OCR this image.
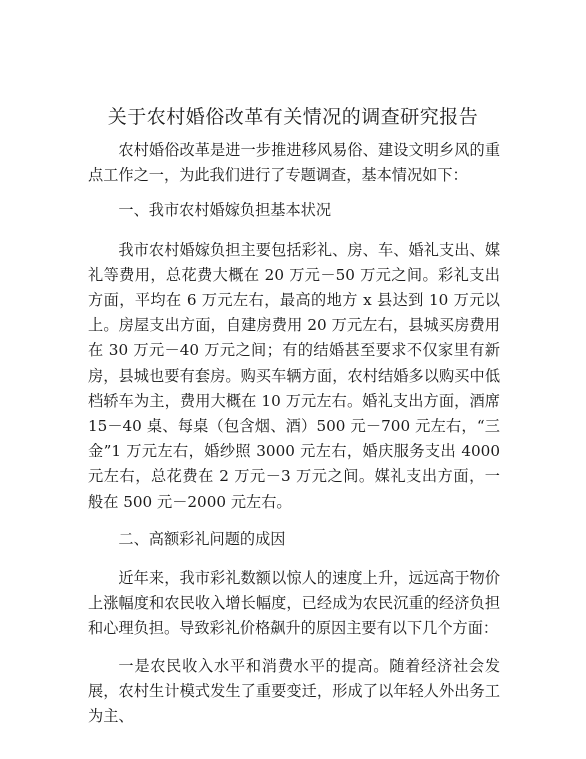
关于农村婚俗改革有关情况的调查研究报告

农村婚俗改革是进一步推进移风易俗、建设文明乡风的重点工作之一，为此我们进行了专题调查，基本情况如下：

一、我市农村婚嫁负担基本状况

我市农村婚嫁负担主要包括彩礼、房、车、婚礼支出、媒礼等费用，总花费大概在 20 万元－50 万元之间。彩礼支出方面，平均在 6 万元左右，最高的地方 x 县达到 10 万元以上。房屋支出方面，自建房费用 20 万元左右，县城买房费用在 30 万元－40 万元之间；有的结婚甚至要求不仅家里有新房，县城也要有套房。购买车辆方面，农村结婚多以购买中低档轿车为主，费用大概在 10 万元左右。婚礼支出方面，酒席 15－40 桌、每桌（包含烟、酒）500 元－700 元左右，“三金”1 万元左右，婚纱照 3000 元左右，婚庆服务支出 4000 元左右，总花费在 2 万元－3 万元之间。媒礼支出方面，一般在 500 元－2000 元左右。

二、高额彩礼问题的成因

近年来，我市彩礼数额以惊人的速度上升，远远高于物价上涨幅度和农民收入增长幅度，已经成为农民沉重的经济负担和心理负担。导致彩礼价格飙升的原因主要有以下几个方面：

一是农民收入水平和消费水平的提高。随着经济社会发展，农村生计模式发生了重要变迁，形成了以年轻人外出务工为主、
